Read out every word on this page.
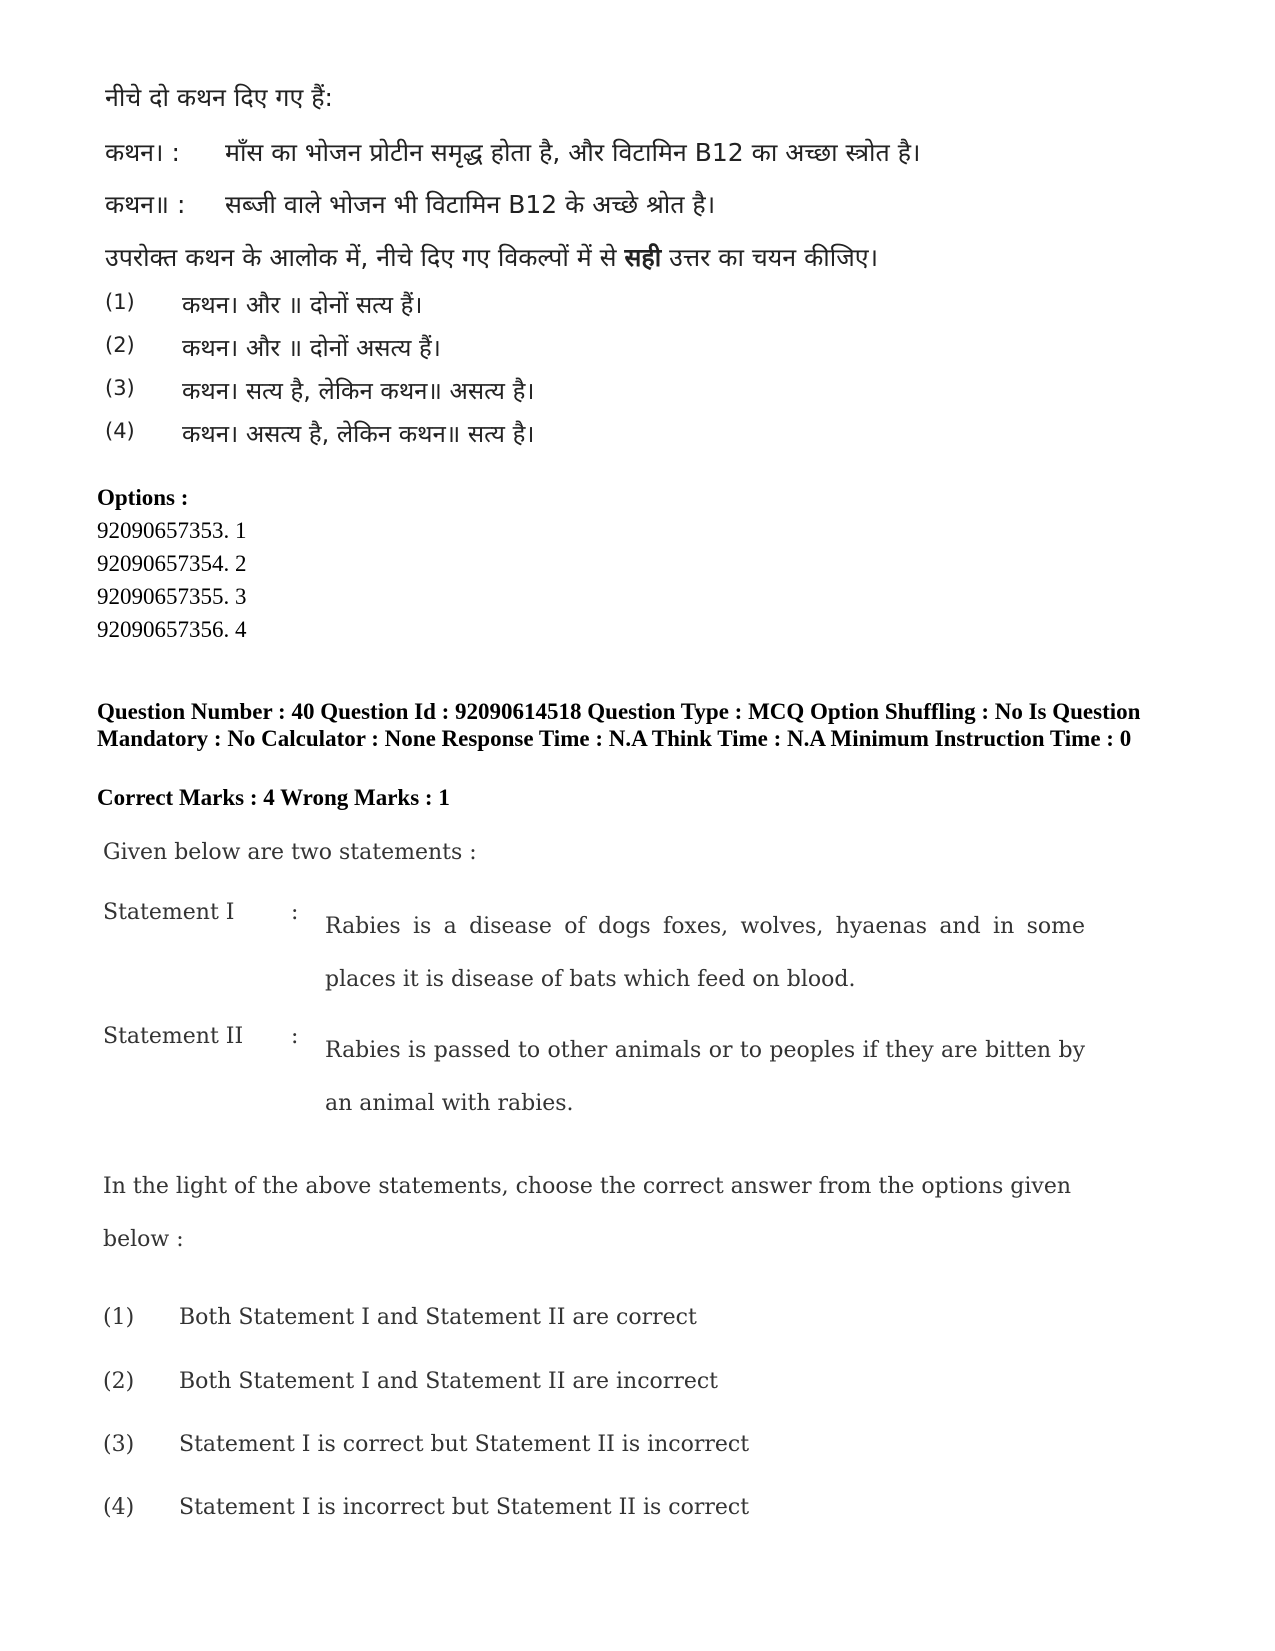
नीचे दो कथन दिए गए हैं:
कथन। : माँस का भोजन प्रोटीन समृद्ध होता है, और विटामिन B12 का अच्छा स्त्रोत है।
कथन॥ : सब्जी वाले भोजन भी विटामिन B12 के अच्छे श्रोत है।
उपरोक्त कथन के आलोक में, नीचे दिए गए विकल्पों में से सही उत्तर का चयन कीजिए।
(1) कथन। और ॥ दोनों सत्य हैं।
(2) कथन। और ॥ दोनों असत्य हैं।
(3) कथन। सत्य है, लेकिन कथन॥ असत्य है।
(4) कथन। असत्य है, लेकिन कथन॥ सत्य है।
Options :
92090657353. 1
92090657354. 2
92090657355. 3
92090657356. 4
Question Number : 40 Question Id : 92090614518 Question Type : MCQ Option Shuffling : No Is Question Mandatory : No Calculator : None Response Time : N.A Think Time : N.A Minimum Instruction Time : 0
Correct Marks : 4 Wrong Marks : 1
Given below are two statements :
Statement I	:
Rabies is a disease of dogs foxes, wolves, hyaenas and in some places it is disease of bats which feed on blood.
Statement II :
Rabies is passed to other animals or to peoples if they are bitten by an animal with rabies.
In the light of the above statements, choose the correct answer from the options given below :
(1) Both Statement I and Statement II are correct
(2) Both Statement I and Statement II are incorrect
(3) Statement I is correct but Statement II is incorrect
(4) Statement I is incorrect but Statement II is correct
